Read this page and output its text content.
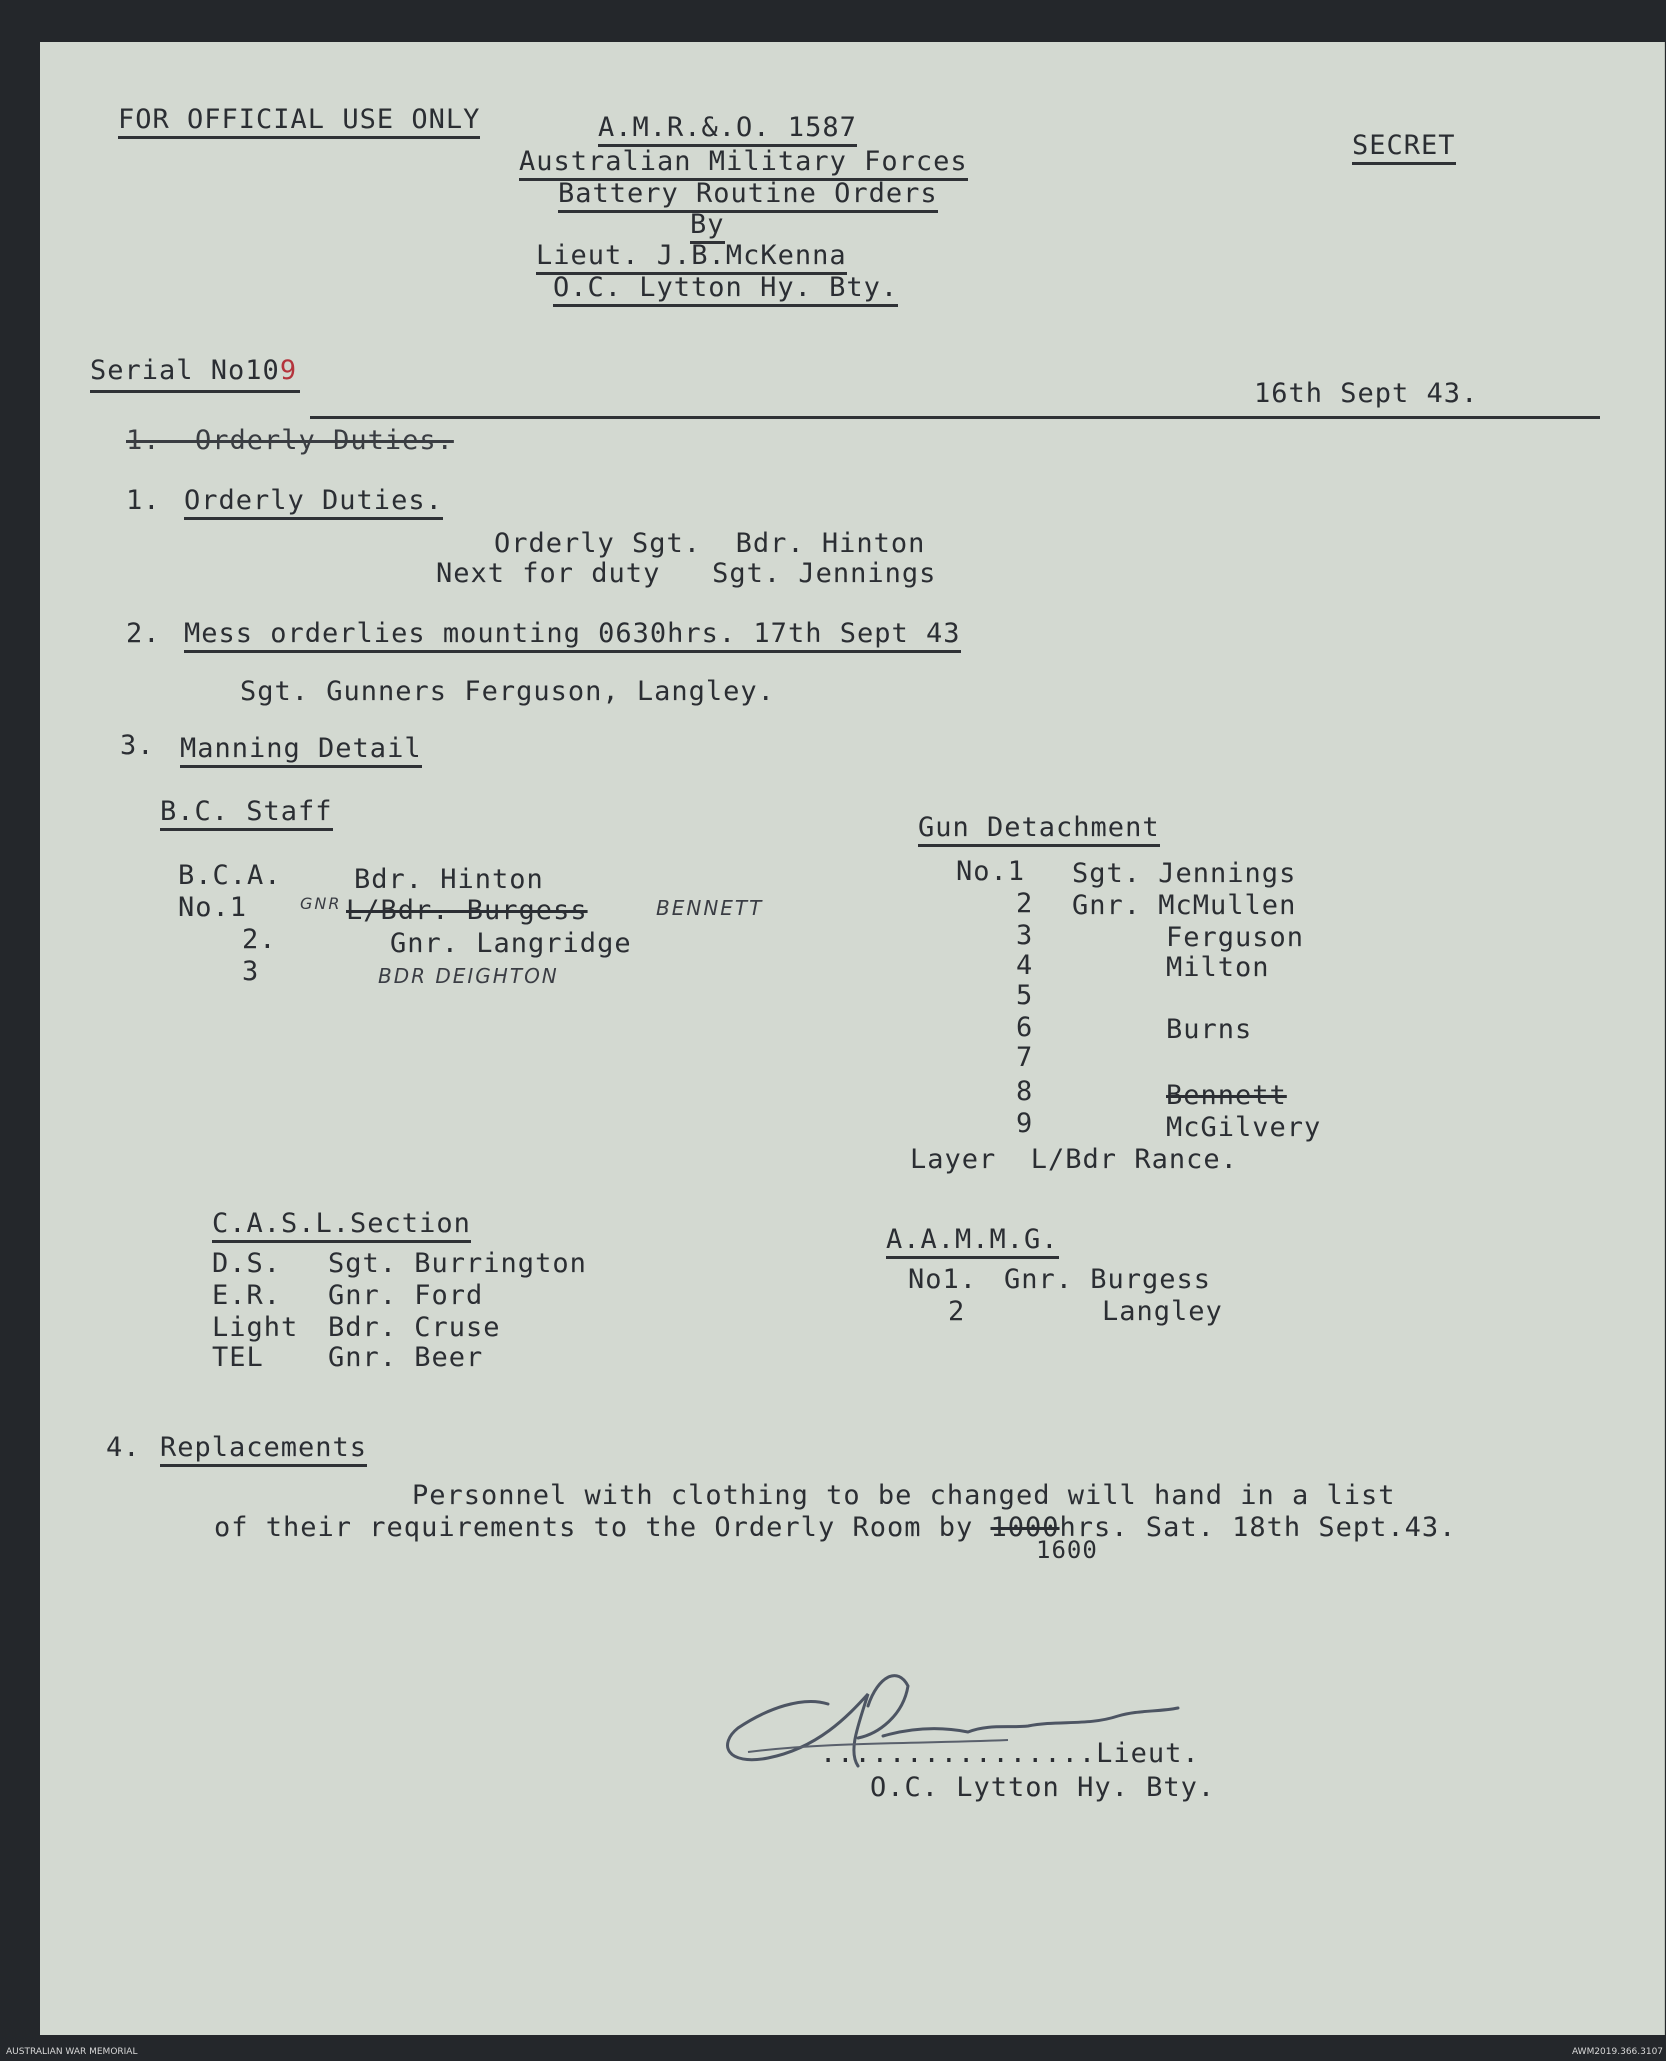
FOR OFFICIAL USE ONLY	A.M.R.&.O. 1587
Australian Military Forces
Battery Routine Orders
By
Lieut. J.B.McKenna
O.C. Lytton Hy. Bty.
SECRET
Serial No109
16th Sept 43.
1.  Orderly Duties.
1. Orderly Duties.
Orderly Sgt.  Bdr. Hinton
Next for duty   Sgt. Jennings
2. Mess orderlies mounting 0630hrs. 17th Sept 43
Sgt. Gunners Ferguson, Langley.
3. Manning Detail
B.C. Staff
B.C.A.	Bdr. Hinton
No.1	GNR L/Bdr. Burgess	BENNETT
2.	Gnr. Langridge
3	BDR DEIGHTON
Gun Detachment
No.1 Sgt. Jennings
2 Gnr. McMullen
3	Ferguson
4	Milton
5
6	Burns
7
8	Bennett
9	McGilvery
Layer  L/Bdr Rance.
C.A.S.L.Section
D.S. Sgt. Burrington
E.R. Gnr. Ford
Light Bdr. Cruse
TEL Gnr. Beer
A.A.M.M.G.
No1. Gnr. Burgess
2	Langley
4. Replacements
Personnel with clothing to be changed will hand in a list
of their requirements to the Orderly Room by 1000hrs. Sat. 18th Sept.43.
1600
................Lieut.
O.C. Lytton Hy. Bty.
AUSTRALIAN WAR MEMORIAL	AWM2019.366.3107
